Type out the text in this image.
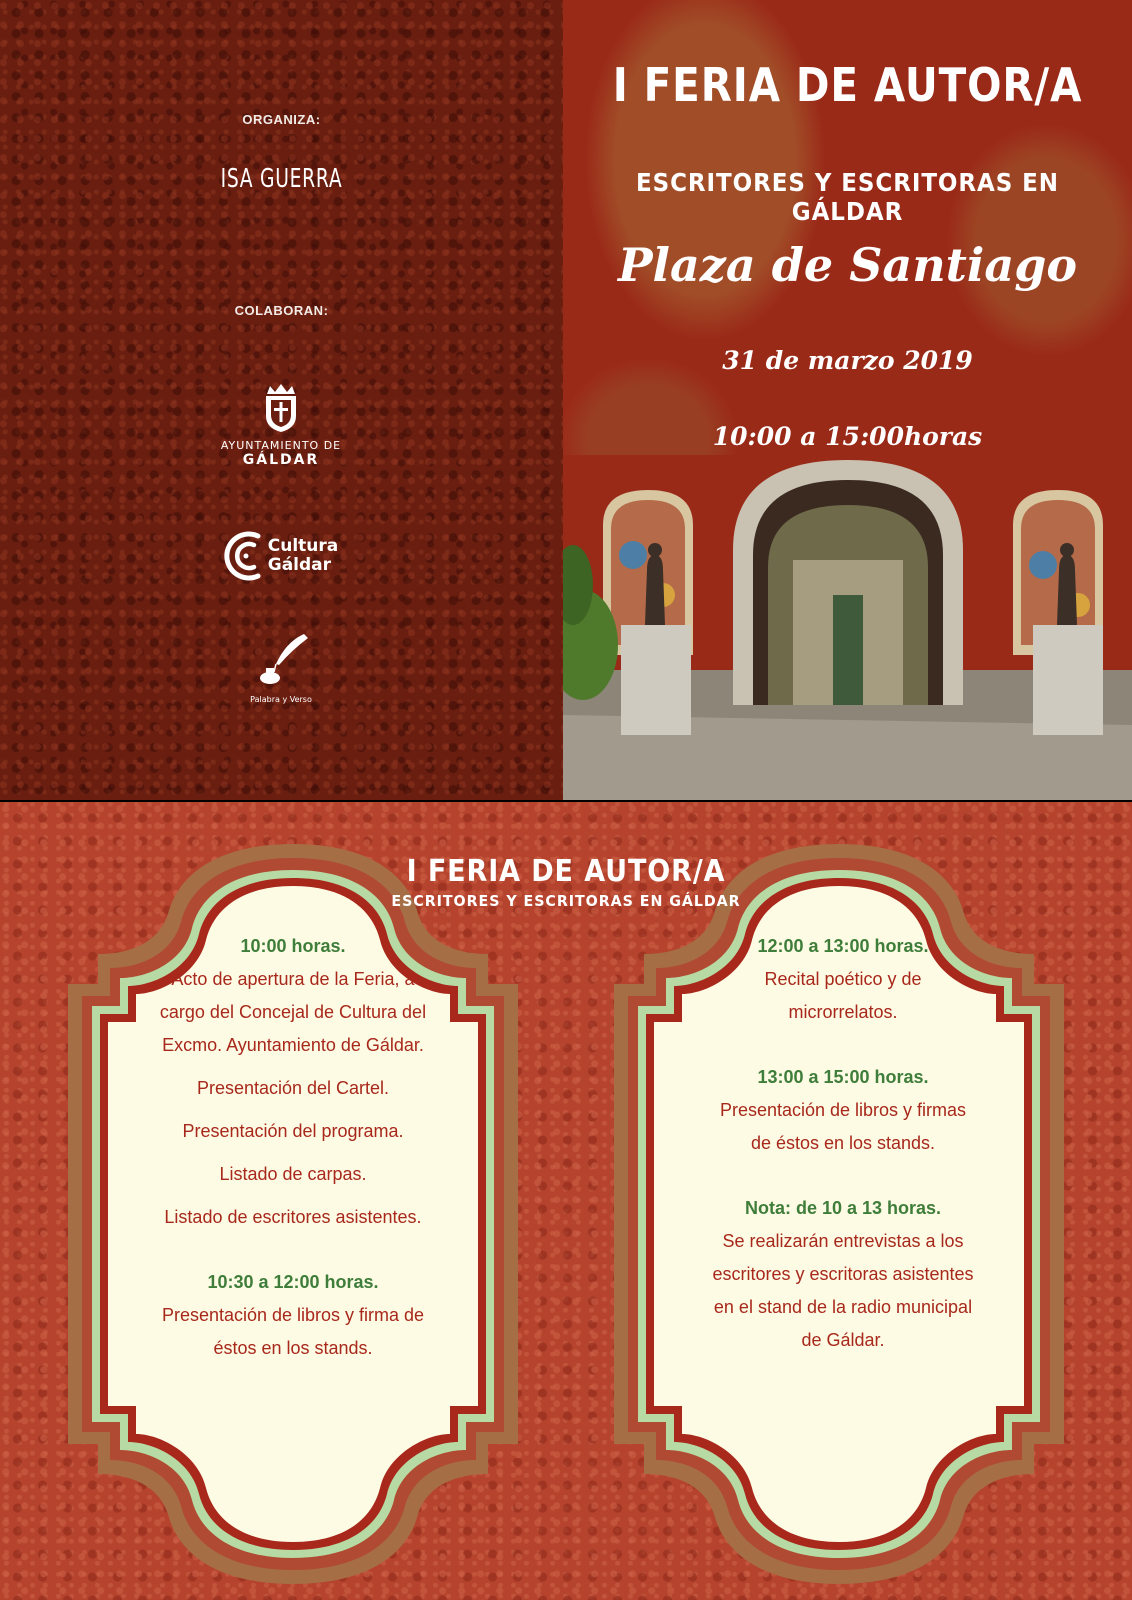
ORGANIZA:
ISA GUERRA
COLABORAN:
AYUNTAMIENTO DE
GÁLDAR
Cultura
Gáldar
Palabra y Verso
I FERIA DE AUTOR/A
ESCRITORES Y ESCRITORAS EN GÁLDAR
Plaza de Santiago
31 de marzo 2019
10:00 a 15:00horas
I FERIA DE AUTOR/A
ESCRITORES Y ESCRITORAS EN GÁLDAR
10:00 horas.
Acto de apertura de la Feria, a
cargo del Concejal de Cultura del
Excmo. Ayuntamiento de Gáldar.
Presentación del Cartel.
Presentación del programa.
Listado de carpas.
Listado de escritores asistentes.
10:30 a 12:00 horas.
Presentación de libros y firma de
éstos en los stands.
12:00 a 13:00 horas.
Recital poético y de
microrrelatos.
13:00 a 15:00 horas.
Presentación de libros y firmas
de éstos en los stands.
Nota: de 10 a 13 horas.
Se realizarán entrevistas a los
escritores y escritoras asistentes
en el stand de la radio municipal
de Gáldar.
